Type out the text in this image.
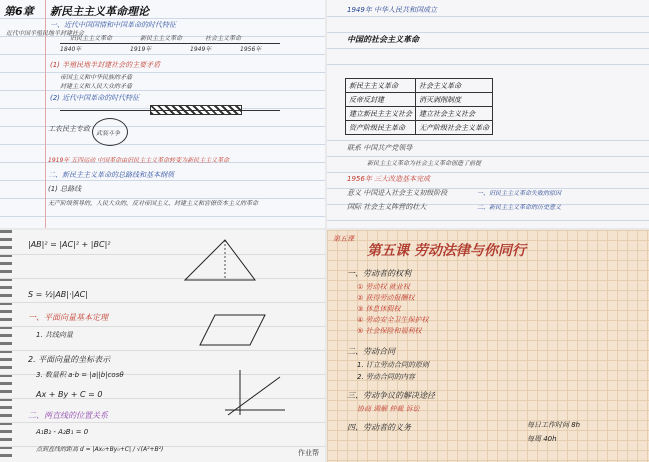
第6章 新民主主义革命理论
一、近代中国国情和中国革命的时代特征
近代中国半殖民地半封建社会
旧民主主义革命	新民主主义革命	社会主义革命
1840年	1919年	1949年	1956年
(1) 半殖民地半封建社会的主要矛盾
帝国主义和中华民族的矛盾
封建主义和人民大众的矛盾
(2) 近代中国革命的时代特征
工农民主专政
武装斗争
1919年 五四运动 中国革命由旧民主主义革命转变为新民主主义革命
二、新民主主义革命的总路线和基本纲领
(1) 总路线
无产阶级领导的，人民大众的，反对帝国主义、封建主义和官僚资本主义的革命
1949年 中华人民共和国成立
中国的社会主义革命
新民主主义革命	社会主义革命
反帝反封建	消灭剥削制度
建立新民主主义社会	建立社会主义社会
资产阶级民主革命	无产阶级社会主义革命
联系 中国共产党领导
新民主主义革命为社会主义革命创造了前提
1956年 三大改造基本完成
意义 中国进入社会主义初级阶段
国际 社会主义阵营的壮大
一、旧民主主义革命失败的原因
二、新民主主义革命的历史意义
|AB|² = |AC|² + |BC|²
S = ½|AB|·|AC|
一、平面向量基本定理
1. 共线向量
2. 平面向量的坐标表示
3. 数量积 a·b = |a||b|cosθ
Ax + By + C = 0
二、两直线的位置关系
A₁B₂ - A₂B₁ = 0
点到直线的距离 d = |Ax₀+By₀+C| / √(A²+B²)	作业帮
第五课
第五课 劳动法律与你同行
一、劳动者的权利
① 劳动权 就业权
② 获得劳动报酬权
③ 休息休假权
④ 劳动安全卫生保护权
⑤ 社会保险和福利权
二、劳动合同
1. 订立劳动合同的原则
2. 劳动合同的内容
三、劳动争议的解决途径
协商 调解 仲裁 诉讼
四、劳动者的义务	每日工作时间 8h
每周 40h
